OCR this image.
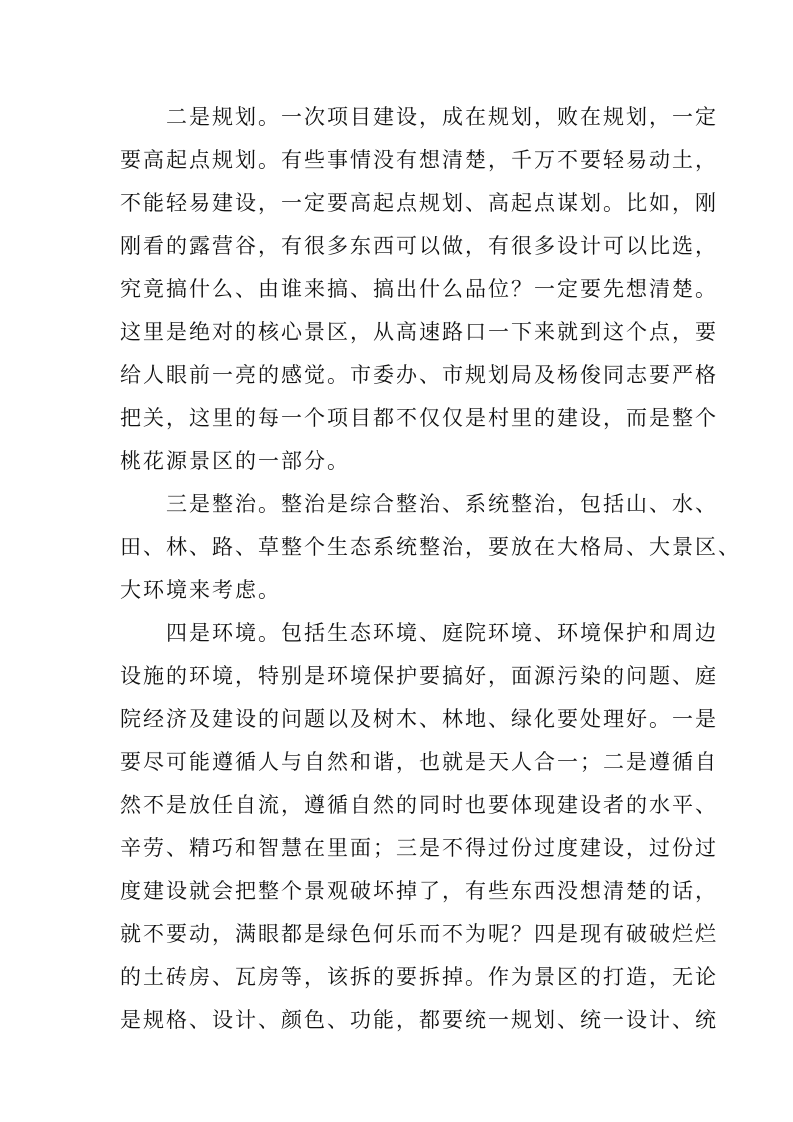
二是规划。一次项目建设，成在规划，败在规划，一定
要高起点规划。有些事情没有想清楚，千万不要轻易动土，
不能轻易建设，一定要高起点规划、高起点谋划。比如，刚
刚看的露营谷，有很多东西可以做，有很多设计可以比选，
究竟搞什么、由谁来搞、搞出什么品位？一定要先想清楚。
这里是绝对的核心景区，从高速路口一下来就到这个点，要
给人眼前一亮的感觉。市委办、市规划局及杨俊同志要严格
把关，这里的每一个项目都不仅仅是村里的建设，而是整个
桃花源景区的一部分。
三是整治。整治是综合整治、系统整治，包括山、水、
田、林、路、草整个生态系统整治，要放在大格局、大景区、
大环境来考虑。
四是环境。包括生态环境、庭院环境、环境保护和周边
设施的环境，特别是环境保护要搞好，面源污染的问题、庭
院经济及建设的问题以及树木、林地、绿化要处理好。一是
要尽可能遵循人与自然和谐，也就是天人合一；二是遵循自
然不是放任自流，遵循自然的同时也要体现建设者的水平、
辛劳、精巧和智慧在里面；三是不得过份过度建设，过份过
度建设就会把整个景观破坏掉了，有些东西没想清楚的话，
就不要动，满眼都是绿色何乐而不为呢？四是现有破破烂烂
的土砖房、瓦房等，该拆的要拆掉。作为景区的打造，无论
是规格、设计、颜色、功能，都要统一规划、统一设计、统
